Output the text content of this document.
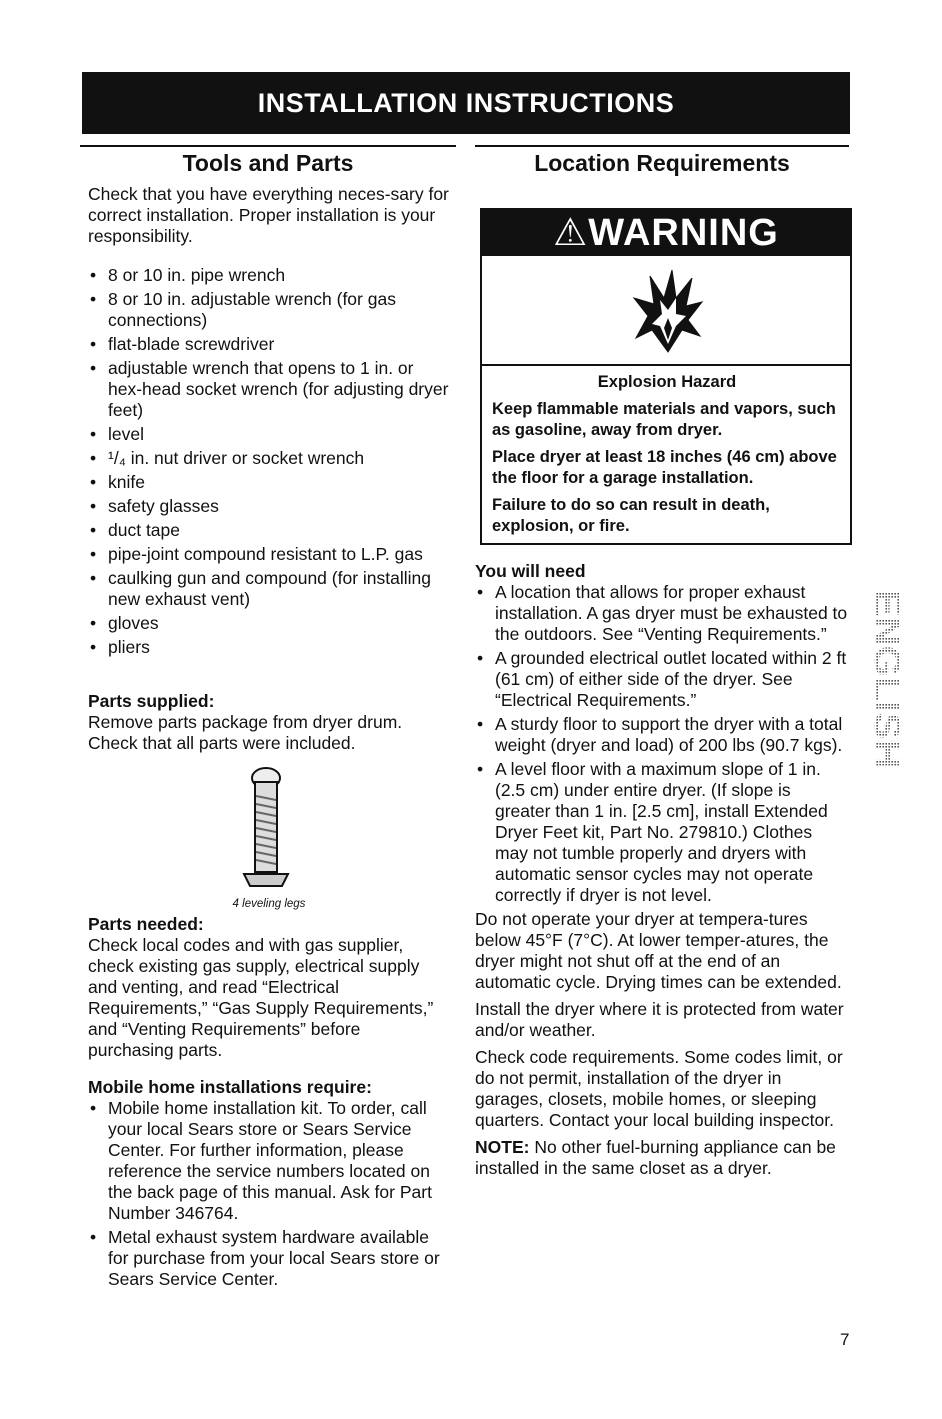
INSTALLATION INSTRUCTIONS
Tools and Parts

Check that you have everything neces-sary for correct installation. Proper installation is your responsibility.

• 8 or 10 in. pipe wrench
• 8 or 10 in. adjustable wrench (for gas connections)
• flat-blade screwdriver
• adjustable wrench that opens to 1 in. or hex-head socket wrench (for adjusting dryer feet)
• level
• ¹/₄ in. nut driver or socket wrench
• knife
• safety glasses
• duct tape
• pipe-joint compound resistant to L.P. gas
• caulking gun and compound (for installing new exhaust vent)
• gloves
• pliers
Parts supplied:

Remove parts package from dryer drum. Check that all parts were included.

4 leveling legs
Parts needed:

Check local codes and with gas supplier, check existing gas supply, electrical supply and venting, and read “Electrical Requirements,” “Gas Supply Requirements,” and “Venting Requirements” before purchasing parts.

Mobile home installations require:
• Mobile home installation kit. To order, call your local Sears store or Sears Service Center. For further information, please reference the service numbers located on the back page of this manual. Ask for Part Number 346764.
• Metal exhaust system hardware available for purchase from your local Sears store or Sears Service Center.
Location Requirements
⚠WARNING
Explosion Hazard

Keep flammable materials and vapors, such as gasoline, away from dryer.

Place dryer at least 18 inches (46 cm) above the floor for a garage installation.

Failure to do so can result in death, explosion, or fire.

You will need
• A location that allows for proper exhaust installation. A gas dryer must be exhausted to the outdoors. See “Venting Requirements.”
• A grounded electrical outlet located within 2 ft (61 cm) of either side of the dryer. See “Electrical Requirements.”
• A sturdy floor to support the dryer with a total weight (dryer and load) of 200 lbs (90.7 kgs).
• A level floor with a maximum slope of 1 in. (2.5 cm) under entire dryer. (If slope is greater than 1 in. [2.5 cm], install Extended Dryer Feet kit, Part No. 279810.) Clothes may not tumble properly and dryers with automatic sensor cycles may not operate correctly if dryer is not level.

Do not operate your dryer at tempera-tures below 45°F (7°C). At lower temper-atures, the dryer might not shut off at the end of an automatic cycle. Drying times can be extended.

Install the dryer where it is protected from water and/or weather.

Check code requirements. Some codes limit, or do not permit, installation of the dryer in garages, closets, mobile homes, or sleeping quarters. Contact your local building inspector.

NOTE: No other fuel-burning appliance can be installed in the same closet as a dryer.

ENGLISH
7
